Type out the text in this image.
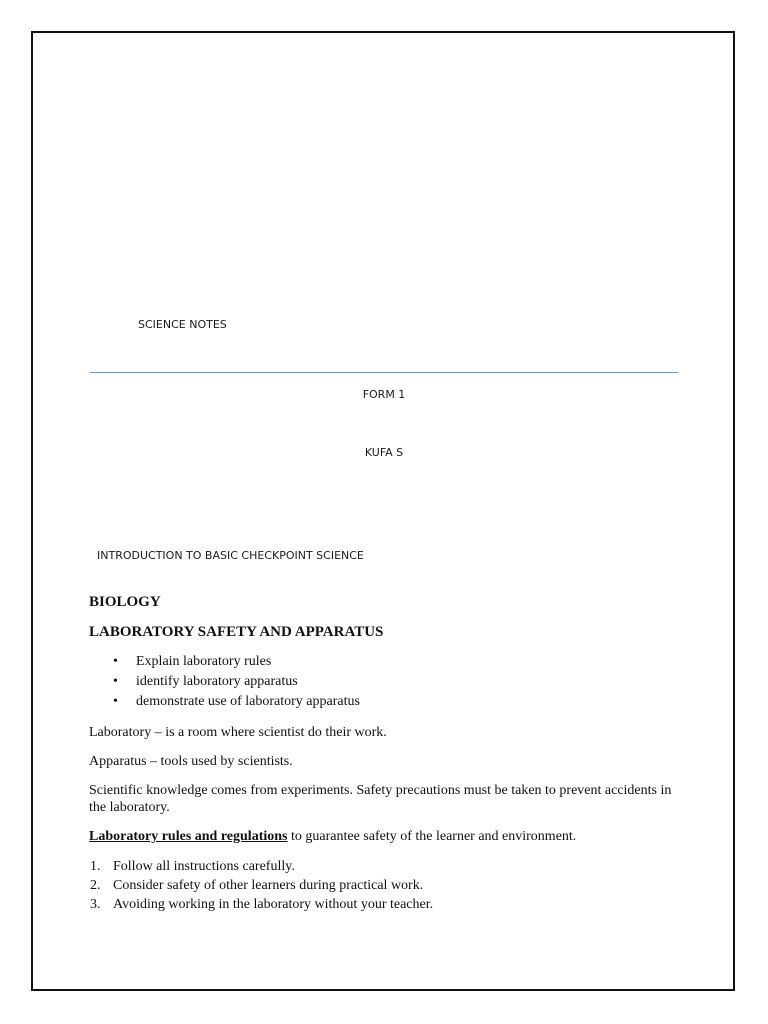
SCIENCE NOTES
FORM 1
KUFA S
INTRODUCTION TO BASIC CHECKPOINT SCIENCE
BIOLOGY
LABORATORY SAFETY AND APPARATUS
• Explain laboratory rules
• identify laboratory apparatus
• demonstrate use of laboratory apparatus

Laboratory – is a room where scientist do their work.

Apparatus – tools used by scientists.

Scientific knowledge comes from experiments. Safety precautions must be taken to prevent accidents in the laboratory.

Laboratory rules and regulations to guarantee safety of the learner and environment.

1. Follow all instructions carefully.
2. Consider safety of other learners during practical work.
3. Avoiding working in the laboratory without your teacher.
